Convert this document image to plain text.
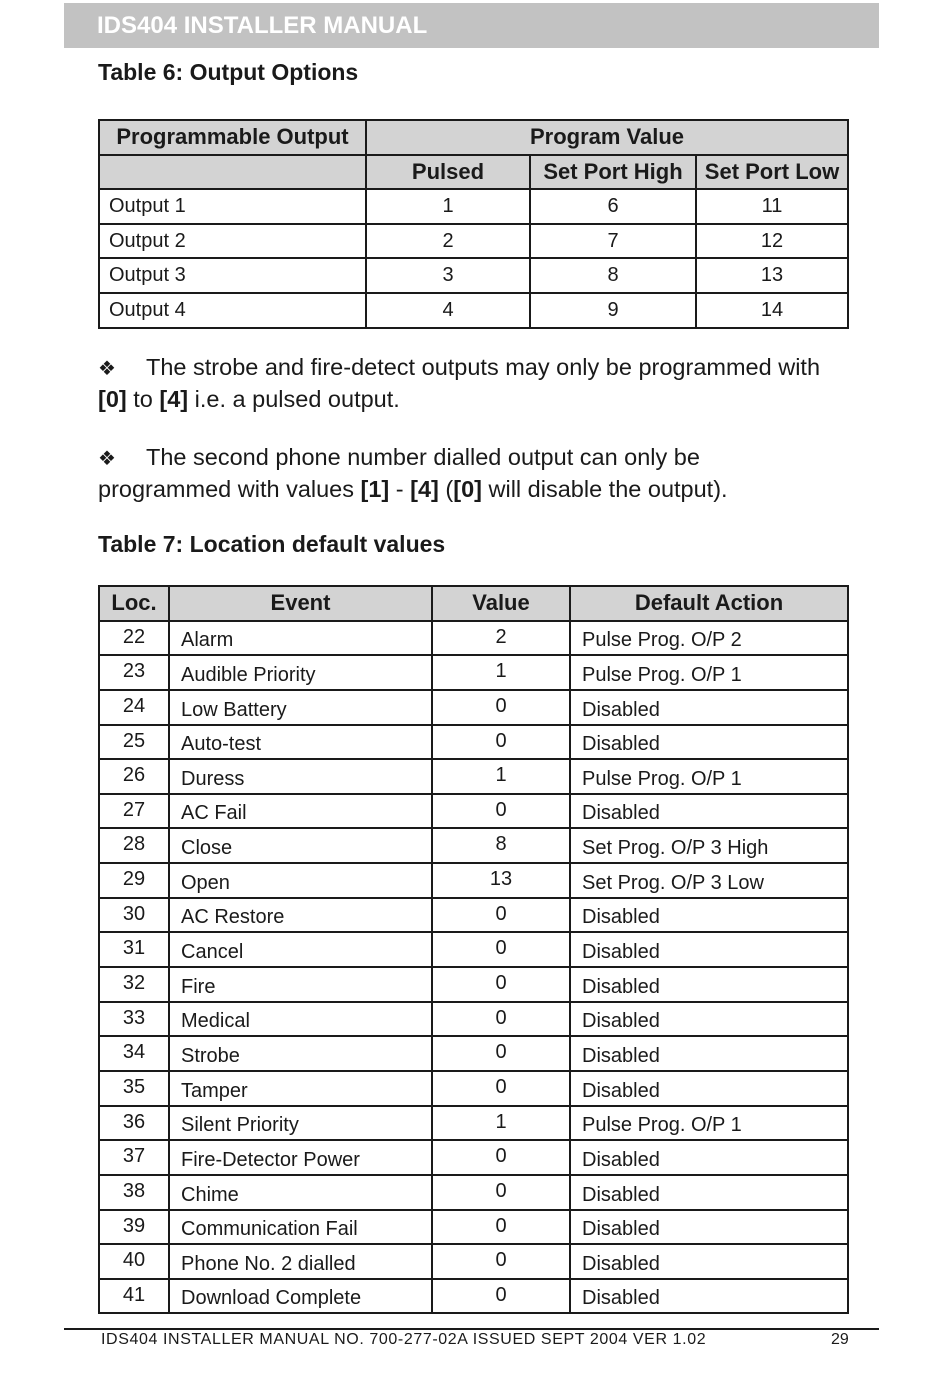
IDS404 INSTALLER MANUAL
Table 6: Output Options
Programmable Output	Program Value		
	Pulsed	Set Port High	Set Port Low
Output 1	1	6	11
Output 2	2	7	12
Output 3	3	8	13
Output 4	4	9	14
❖ The strobe and fire-detect outputs may only be programmed with
[0] to [4] i.e. a pulsed output.
❖ The second phone number dialled output can only be
programmed with values [1] - [4] ([0] will disable the output).
Table 7: Location default values
Loc.	Event	Value	Default Action
22	Alarm	2	Pulse Prog. O/P 2
23	Audible Priority	1	Pulse Prog. O/P 1
24	Low Battery	0	Disabled
25	Auto-test	0	Disabled
26	Duress	1	Pulse Prog. O/P 1
27	AC Fail	0	Disabled
28	Close	8	Set Prog. O/P 3 High
29	Open	13	Set Prog. O/P 3 Low
30	AC Restore	0	Disabled
31	Cancel	0	Disabled
32	Fire	0	Disabled
33	Medical	0	Disabled
34	Strobe	0	Disabled
35	Tamper	0	Disabled
36	Silent Priority	1	Pulse Prog. O/P 1
37	Fire-Detector Power	0	Disabled
38	Chime	0	Disabled
39	Communication Fail	0	Disabled
40	Phone No. 2 dialled	0	Disabled
41	Download Complete	0	Disabled
IDS404 INSTALLER MANUAL NO. 700-277-02A ISSUED SEPT 2004 VER 1.02	29
